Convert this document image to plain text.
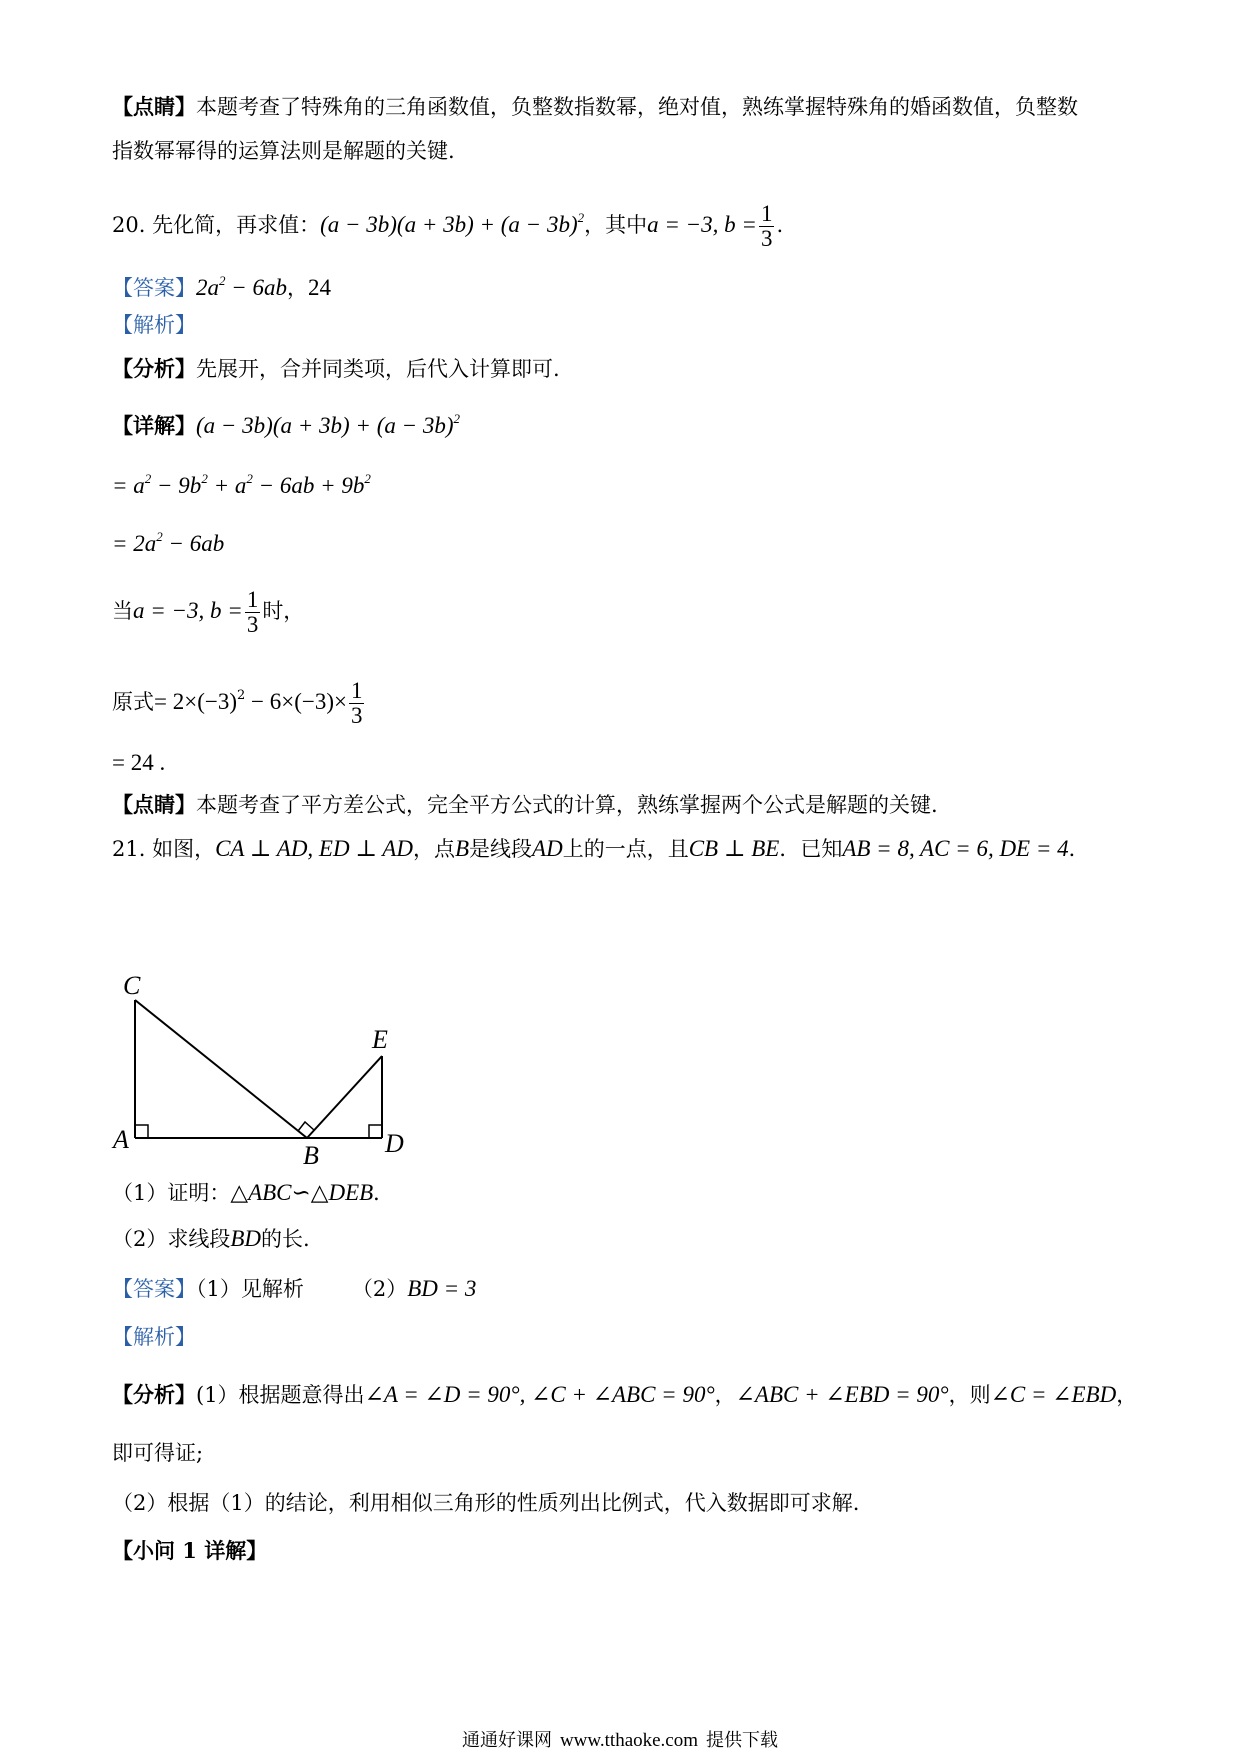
【点睛】本题考查了特殊角的三角函数值，负整数指数幂，绝对值，熟练掌握特殊角的婚函数值，负整数
指数幂幂得的运算法则是解题的关键.
20. 先化简，再求值：$(a - 3b)(a + 3b) + (a - 3b)^2$，其中a = −3, $b = \frac{1}{3}$ .
【答案】$2a^2 - 6ab$，24
【解析】
【分析】先展开，合并同类项，后代入计算即可.
【详解】$(a - 3b)(a + 3b) + (a - 3b)^2$
= $a^2 - 9b^2 + a^2 - 6ab + 9b^2$
= $2a^2 - 6ab$
当a = −3, $b = \frac{1}{3}$ 时，
原式= $2\times(-3)^2 - 6\times(-3)\times \frac{1}{3}$
= 24 .
【点睛】本题考查了平方差公式，完全平方公式的计算，熟练掌握两个公式是解题的关键.
21. 如图，CA ⊥ AD, ED ⊥ AD，点B是线段AD上的一点，且CB ⊥ BE．已知AB = 8, AC = 6, DE = 4．
C
E
A
B	D
（1）证明：△ABC∽△DEB．
（2）求线段BD的长.
【答案】（1）见解析 （2）BD = 3
【解析】
【分析】(1）根据题意得出∠A = ∠D = 90°, ∠C + ∠ABC = 90°，∠ABC + ∠EBD = 90°，则∠C = ∠EBD，
即可得证;
（2）根据（1）的结论，利用相似三角形的性质列出比例式，代入数据即可求解.
【小问 1 详解】
通通好课网 www.tthaoke.com 提供下载
